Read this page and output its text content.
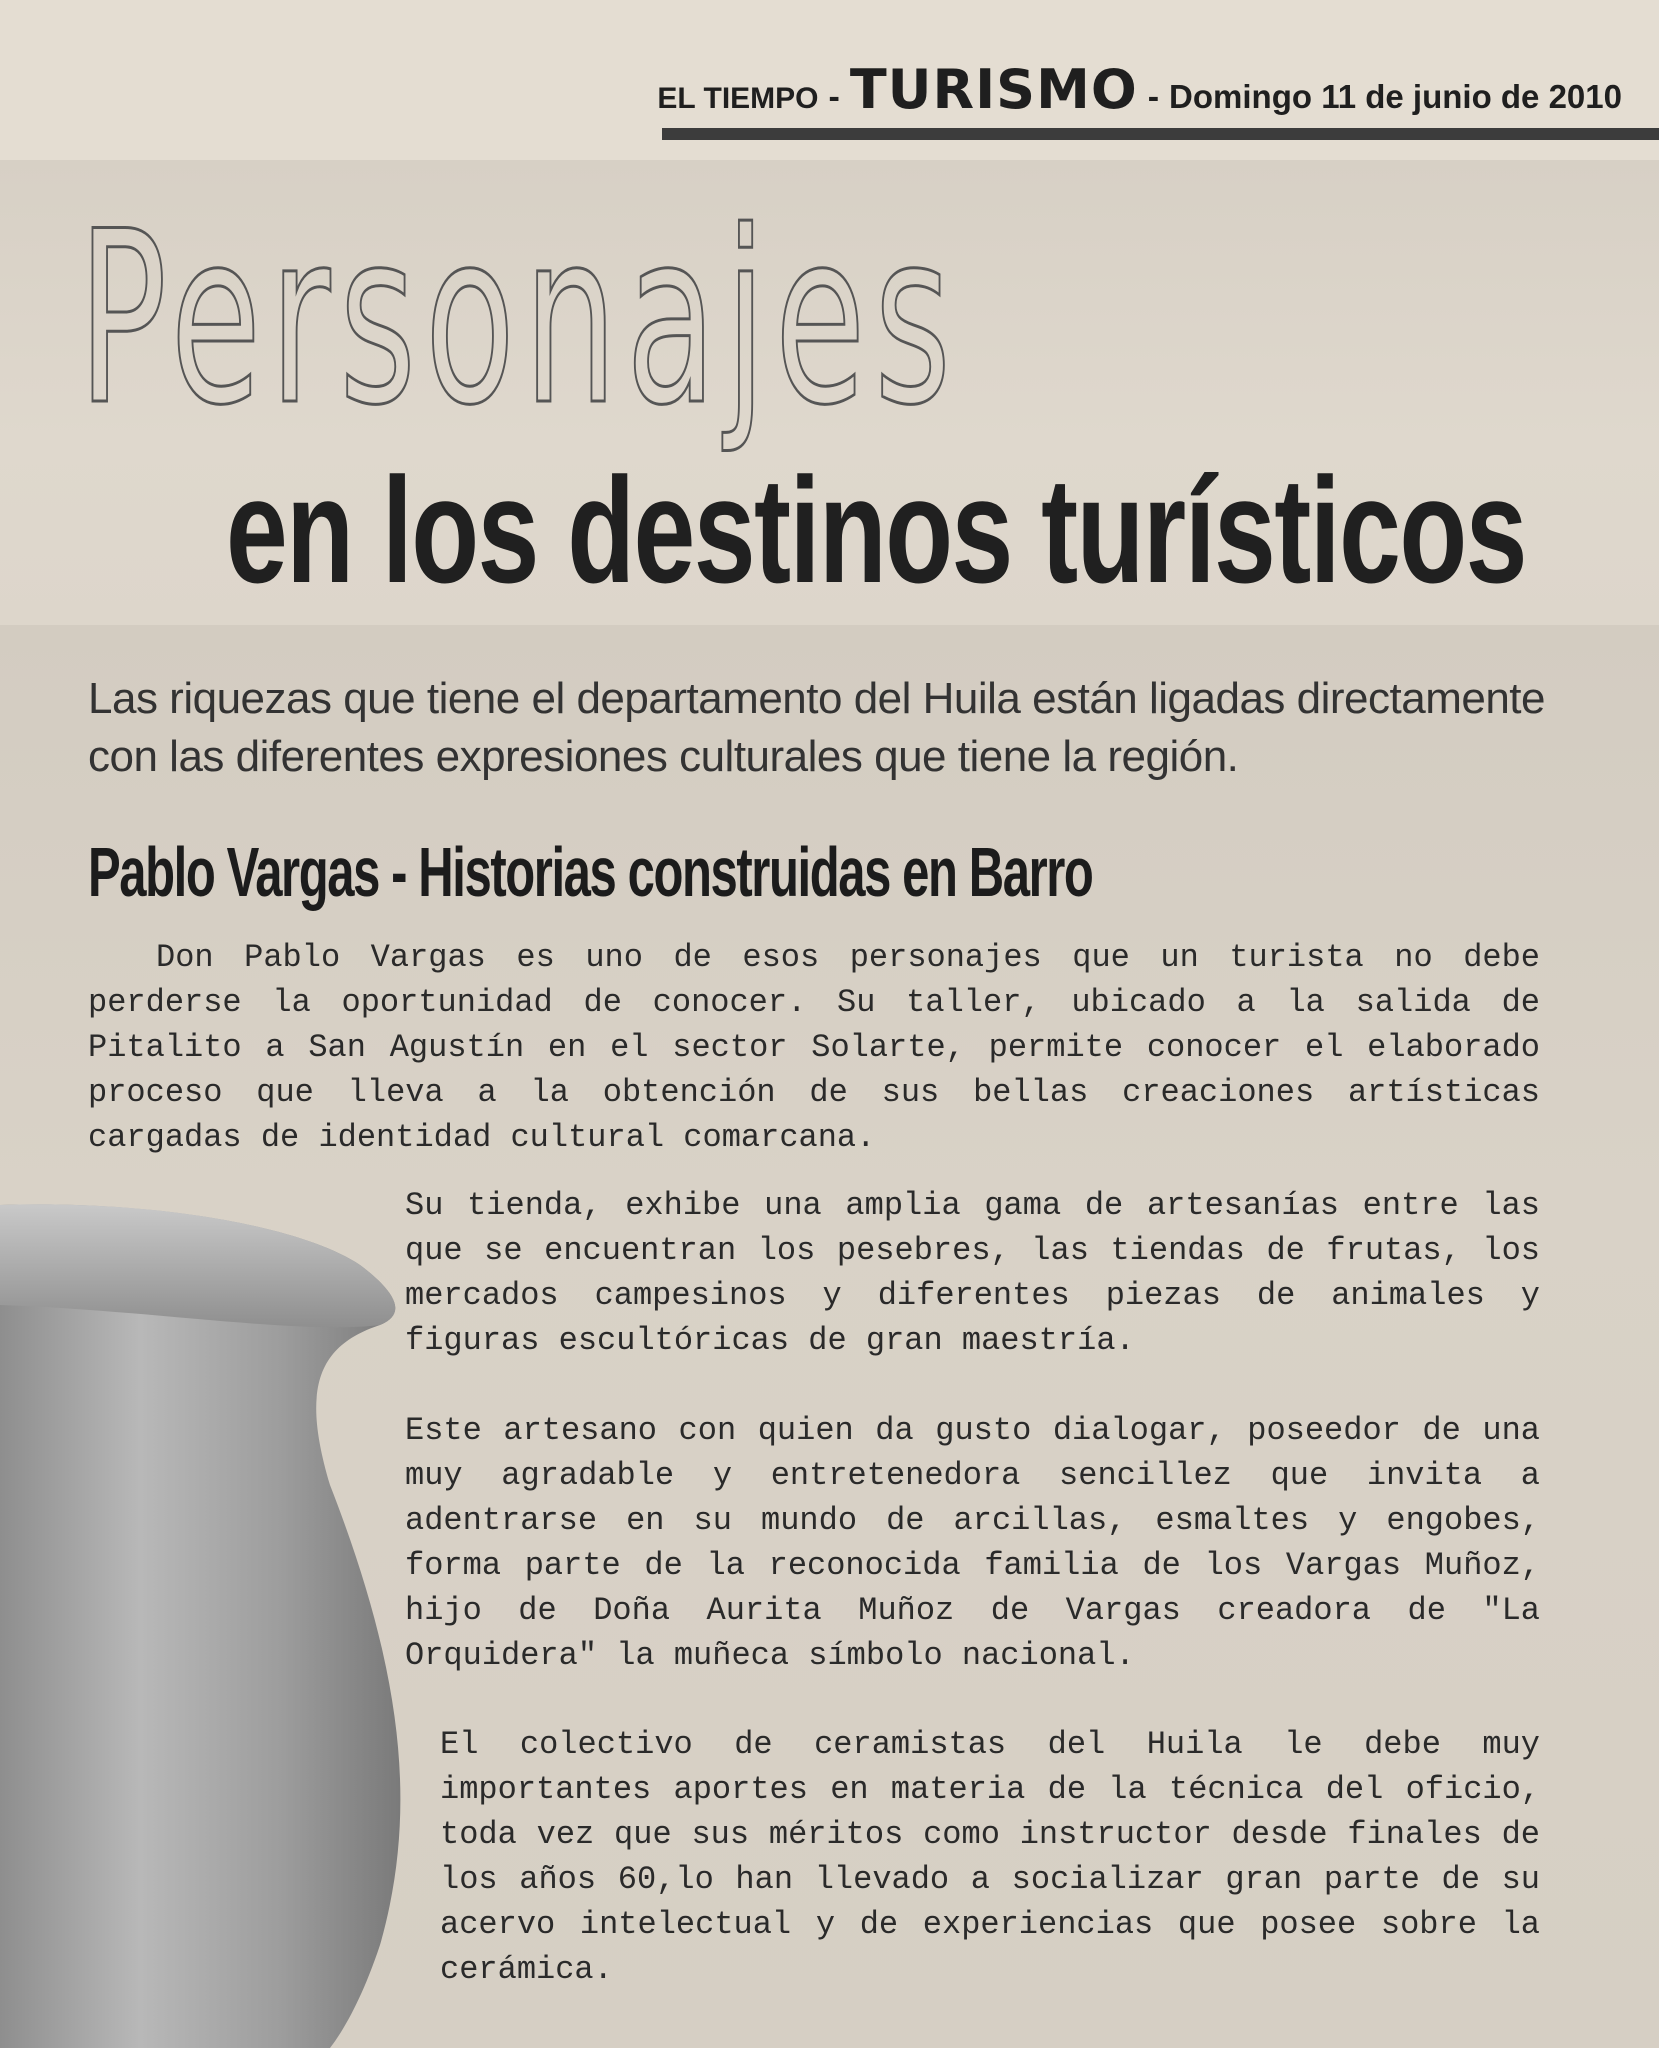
EL TIEMPO - TURISMO - Domingo 11 de junio de 2010
Personajes
en los destinos turísticos
Las riquezas que tiene el departamento del Huila están ligadas directamente con las diferentes expresiones culturales que tiene la región.
Pablo Vargas - Historias construidas en Barro
Don Pablo Vargas es uno de esos personajes que un turista no debe perderse la oportunidad de conocer. Su taller, ubicado a la salida de Pitalito a San Agustín en el sector Solarte, permite conocer el elaborado proceso que lleva a la obtención de sus bellas creaciones artísticas cargadas de identidad cultural comarcana.
Su tienda, exhibe una amplia gama de artesanías entre las que se encuentran los pesebres, las tiendas de frutas, los mercados campesinos y diferentes piezas de animales y figuras escultóricas de gran maestría.
Este artesano con quien da gusto dialogar, poseedor de una muy agradable y entretenedora sencillez que invita a adentrarse en su mundo de arcillas, esmaltes y engobes, forma parte de la reconocida familia de los Vargas Muñoz, hijo de Doña Aurita Muñoz de Vargas creadora de "La Orquidera" la muñeca símbolo nacional.
El colectivo de ceramistas del Huila le debe muy importantes aportes en materia de la técnica del oficio, toda vez que sus méritos como instructor desde finales de los años 60,lo han llevado a socializar gran parte de su acervo intelectual y de experiencias que posee sobre la cerámica.
